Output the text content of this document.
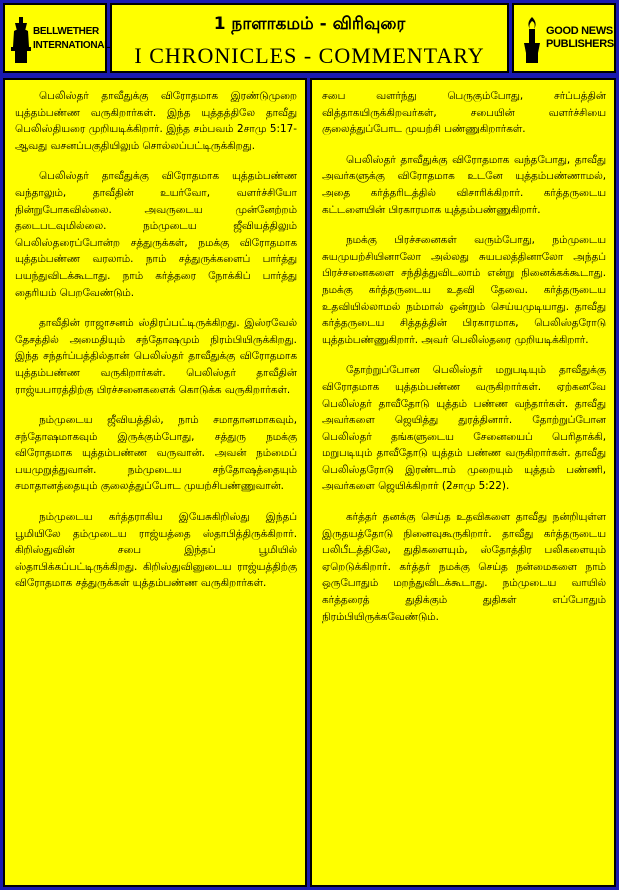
BELLWETHER
INTERNATIONAL
1 நாளாகமம் - விரிவுரை
I CHRONICLES - COMMENTARY
GOOD NEWS
PUBLISHERS

பெலிஸ்தர் தாவீதுக்கு விரோதமாக இரண்டுமுறை யுத்தம்பண்ண வருகிறார்கள். இந்த யுத்தத்திலே தாவீது பெலிஸ்தியரை முறியடிக்கிறார். இந்த சம்பவம் 2சாமு 5:17-ஆவது வசனப்பகுதியிலும் சொல்லப்பட்டிருக்கிறது.

பெலிஸ்தர் தாவீதுக்கு விரோதமாக யுத்தம்பண்ண வந்தாலும், தாவீதின் உயர்வோ, வளர்ச்சியோ நின்றுபோகவில்லை. அவருடைய முன்னேற்றம் தடைபடவுமில்லை. நம்முடைய ஜீவியத்திலும் பெலிஸ்தரைப்போன்ற சத்துருக்கள், நமக்கு விரோதமாக யுத்தம்பண்ண வரலாம். நாம் சத்துருக்களைப் பார்த்து பயந்துவிடக்கூடாது. நாம் கர்த்தரை நோக்கிப் பார்த்து தைரியம் பெறவேண்டும்.

தாவீதின் ராஜாசனம் ஸ்திரப்பட்டிருக்கிறது. இஸ்ரவேல் தேசத்தில் அமைதியும் சந்தோஷமும் நிரம்பியிருக்கிறது. இந்த சந்தர்ப்பத்தில்தான் பெலிஸ்தர் தாவீதுக்கு விரோதமாக யுத்தம்பண்ண வருகிறார்கள். பெலிஸ்தர் தாவீதின் ராஜ்யபாரத்திற்கு பிரச்சனைகளைக் கொடுக்க வருகிறார்கள்.

நம்முடைய ஜீவியத்தில், நாம் சமாதானமாகவும், சந்தோஷமாகவும் இருக்கும்போது, சத்துரு நமக்கு விரோதமாக யுத்தம்பண்ண வருவான். அவன் நம்மைப் பயமுறுத்துவான். நம்முடைய சந்தோஷத்தையும் சமாதானத்தையும் குலைத்துப்போட முயற்சிபண்ணுவான்.

நம்முடைய கர்த்தராகிய இயேசுகிறிஸ்து இந்தப் பூமியிலே தம்முடைய ராஜ்யத்தை ஸ்தாபித்திருக்கிறார். கிறிஸ்துவின் சபை இந்தப் பூமியில் ஸ்தாபிக்கப்பட்டிருக்கிறது. கிறிஸ்துவினுடைய ராஜ்யத்திற்கு விரோதமாக சத்துருக்கள் யுத்தம்பண்ண வருகிறார்கள்.

சபை வளர்ந்து பெருகும்போது, சர்ப்பத்தின் வித்தாகயிருக்கிறவர்கள், சபையின் வளர்ச்சியை குலைத்துப்போட முயற்சி பண்ணுகிறார்கள்.

பெலிஸ்தர் தாவீதுக்கு விரோதமாக வந்தபோது, தாவீது அவர்களுக்கு விரோதமாக உடனே யுத்தம்பண்ணாமல், அதை கர்த்தரிடத்தில் விசாரிக்கிறார். கர்த்தருடைய கட்டளையின் பிரகாரமாக யுத்தம்பண்ணுகிறார்.

நமக்கு பிரச்சனைகள் வரும்போது, நம்முடைய சுயமுயற்சியினாலோ அல்லது சுயபலத்தினாலோ அந்தப் பிரச்சனைகளை சந்தித்துவிடலாம் என்று நினைக்கக்கூடாது. நமக்கு கர்த்தருடைய உதவி தேவை. கர்த்தருடைய உதவியில்லாமல் நம்மால் ஒன்றும் செய்யமுடியாது. தாவீது கர்த்தருடைய சித்தத்தின் பிரகாரமாக, பெலிஸ்தரோடு யுத்தம்பண்ணுகிறார். அவர் பெலிஸ்தரை முறியடிக்கிறார்.

தோற்றுப்போன பெலிஸ்தர் மறுபடியும் தாவீதுக்கு விரோதமாக யுத்தம்பண்ண வருகிறார்கள். ஏற்கனவே பெலிஸ்தர் தாவீதோடு யுத்தம் பண்ண வந்தார்கள். தாவீது அவர்களை ஜெயித்து துரத்தினார். தோற்றுப்போன பெலிஸ்தர் தங்களுடைய சேனையைப் பெரிதாக்கி, மறுபடியும் தாவீதோடு யுத்தம் பண்ண வருகிறார்கள். தாவீது பெலிஸ்தரோடு இரண்டாம் முறையும் யுத்தம் பண்ணி, அவர்களை ஜெயிக்கிறார் (2சாமு 5:22).

கர்த்தர் தனக்கு செய்த உதவிகளை தாவீது நன்றியுள்ள இருதயத்தோடு நினைவுகூருகிறார். தாவீது கர்த்தருடைய பலிபீடத்திலே, துதிகளையும், ஸ்தோத்திர பலிகளையும் ஏறெடுக்கிறார். கர்த்தர் நமக்கு செய்த நன்மைகளை நாம் ஒருபோதும் மறந்துவிடக்கூடாது. நம்முடைய வாயில் கர்த்தரைத் துதிக்கும் துதிகள் எப்போதும் நிரம்பியிருக்கவேண்டும்.
